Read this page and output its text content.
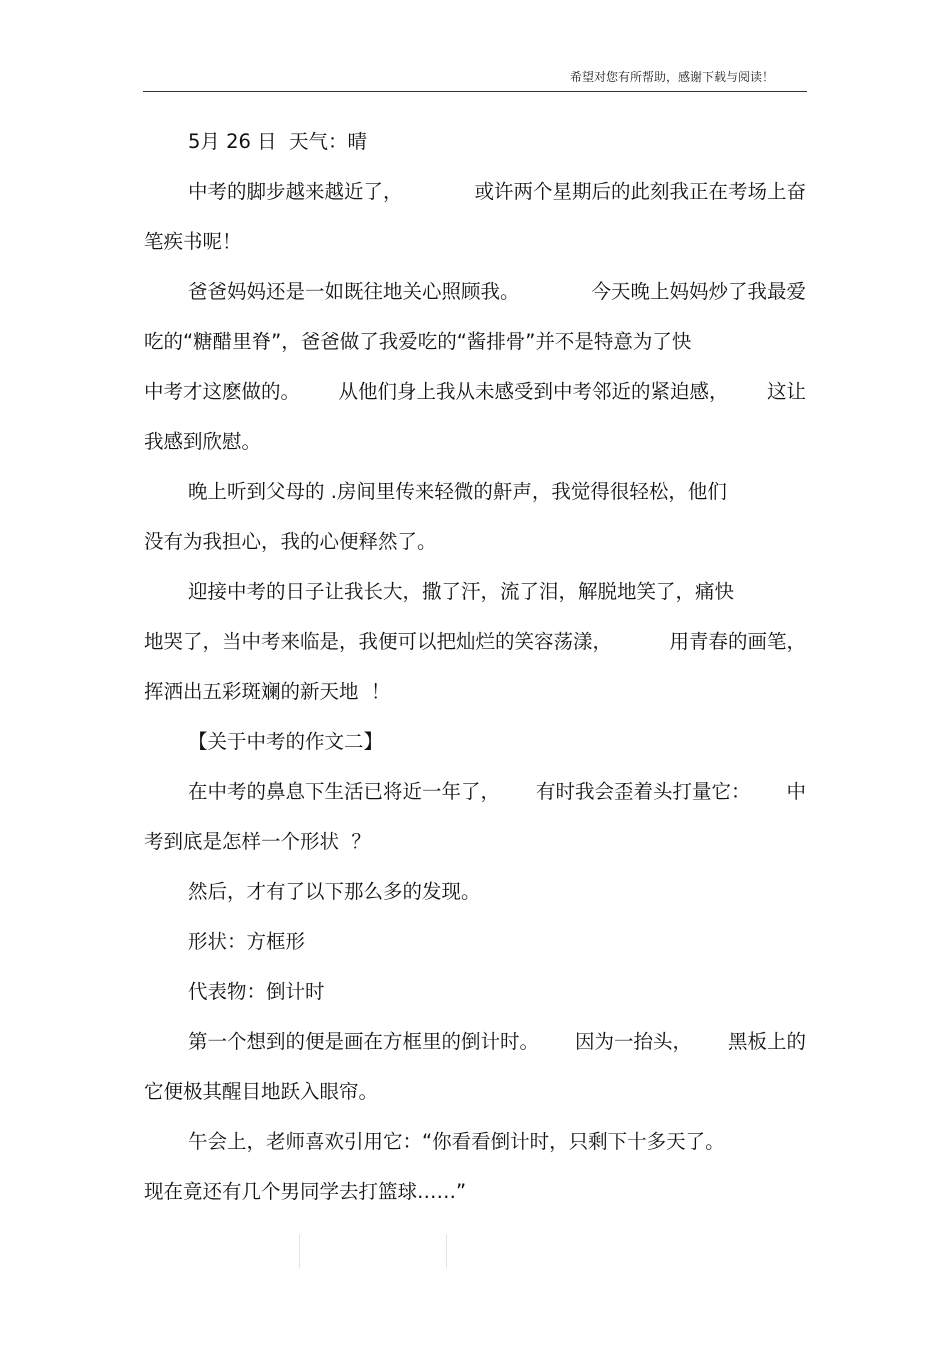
希望对您有所帮助，感谢下载与阅读！
5月 26 日  天气：晴
中考的脚步越来越近了，	或许两个星期后的此刻我正在考场上奋
笔疾书呢！
爸爸妈妈还是一如既往地关心照顾我。	今天晚上妈妈炒了我最爱
吃的“糖醋里脊”，爸爸做了我爱吃的“酱排骨”并不是特意为了快
中考才这麽做的。 从他们身上我从未感受到中考邻近的紧迫感， 这让
我感到欣慰。
晚上听到父母的 .房间里传来轻微的鼾声，我觉得很轻松，他们
没有为我担心，我的心便释然了。
迎接中考的日子让我长大，撒了汗，流了泪，解脱地笑了，痛快
地哭了，当中考来临是，我便可以把灿烂的笑容荡漾，	用青春的画笔，
挥洒出五彩斑斓的新天地  ！
【关于中考的作文二】
在中考的鼻息下生活已将近一年了， 有时我会歪着头打量它： 中
考到底是怎样一个形状  ？
然后，才有了以下那么多的发现。
形状：方框形
代表物：倒计时
第一个想到的便是画在方框里的倒计时。 因为一抬头， 黑板上的
它便极其醒目地跃入眼帘。
午会上，老师喜欢引用它：“你看看倒计时，只剩下十多天了。
现在竟还有几个男同学去打篮球……”
